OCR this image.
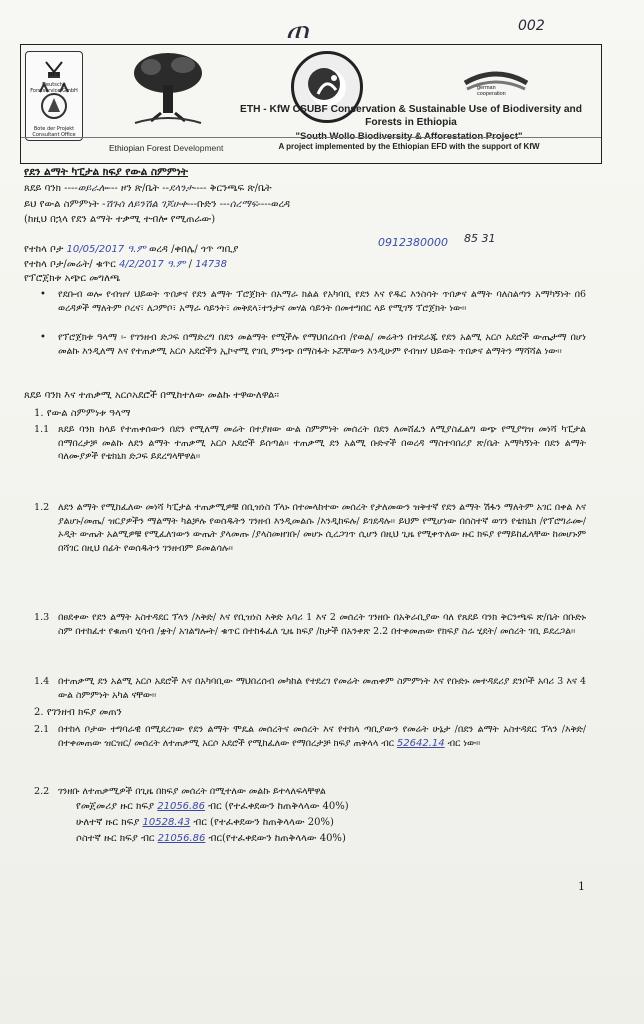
ጠ	002
DFS
Deutsche Forstservice GmbH
Bote der Projekt Consultant Office
Ethiopian Forest Development
german cooperation
ETH - KfW CSUBF Conservation & Sustainable Use of Biodiversity and Forests in Ethiopia
"South Wollo Biodiversity & Afforestation Project"
A project implemented by the Ethiopian EFD with the support of KfW
የደን ልማት ካፒታል ክፍያ የውል ስምምነት
ጸደይ ባንክ ----ወይራሎ--- ዞን ጽ/ቤት --ደላንታ---- ቅርንጫፍ ጽ/ቤት
ይህ የውል ስምምነት -ሽጉሰ ለይንሽል ገጆሁቀ---ቡድን ---ሰረማፍ----ወረዳ
(ከዚህ በኋላ የደን ልማት ተቃሚ ተብሎ የሚጠራው)
የተከላ ቦታ 10/05/2017 ዓ.ም ወረዳ /ቀበሌ/ ጎጥ ጣቢያ
0912380000 85 31
የተከላ ቦታ/መሬት/ ቁጥር 4/2/2017 ዓ.ም / 14738
የፕሮጀክቱ አጭር መግለጫ
• የደቡብ ወሎ የብዝሃ ህይወት ጥበቃና የደን ልማት ፕሮጀክት በአማራ ክልል የአካባቢ የደን እና የዱር እንስሳት ጥበቃና ልማት ባለስልጣን አማካኝነት በ6 ወረዳዎች ማለትም ቦረና፣ ለጋምቦ፣ አማራ ሳይንት፣ መቅደላ፣ተንታና መሃል ሳይንት በመተግበር ላይ የሚገኝ ፕሮጀክት ነው፡፡
• የፕሮጀክቱ ዓላማ ፡- የገንዘብ ድጋፍ በማድረግ በደን መልማት የሚችሉ የማህበረሰብ /የወል/ መሬትን በተደራጁ የደን አልሚ አርሶ አደሮች ውጤታማ በሆነ መልኩ እንዲለማ እና የተጠቃሚ አርሶ አደሮችን ኢኮኖሚ የገቢ ምንጭ በማስፋት ኑሯቸውን እንዲሁም የብዝሃ ህይወት ጥበቃና ልማትን ማሻሻል ነው፡፡
ጸደይ ባንክ እና ተጠቃሚ አርሶአደሮች በሚከተለው መልኩ ተዋውለዋል፡፡
1. የውል ስምምነቱ ዓላማ
1.1 ጸደይ ባንክ ከላይ የተጠቀሰውን በደን የሚለማ መሬት በተያዘው ውል ስምምነት መሰረት በደን ለመሸፈን ለሚያስፈልግ ወጭ የሚያግዝ መነሻ ካፒታል በማበረታቻ መልኩ ለደን ልማት ተጠቃሚ አርሶ አደሮች ይሰጣል፡፡ ተጠቃሚ ደን አልሚ ቡድኖች በወረዳ ማስተባበሪያ ጽ/ቤት አማካኝነት በደን ልማት ባለሙያዎች የቴክኒክ ድጋፍ ይደረግላቸዋል፡፡
1.2 ለደን ልማት የሚከፈለው መነሻ ካፒታል ተጠቃሚዎቹ በቢዝነስ ፕላኑ በተመላከተው መሰረት የታለመውን ዝቅተኛ የደን ልማት ሽፋን ማለትም አገር በቀል እና ያልሆኑ/መጤ/ ዝርያዎችን ማልማት ካልቻሉ የወሰዱትን ገንዘብ እንዲመልሱ /እንዲከፍሉ/ ይገደዳሉ፡፡ ይህም የሚሆነው በሰስተኛ ወገን የቴክኒክ /የፕሮግራሙ/ኦዲት ውጤት አልሚዎቹ የሚፈለገውን ውጤት ያላመጡ /ያላስመዘገቡ/ መሆኑ ሲረጋገጥ ሲሆን በዚህ ጊዜ የሚቀጥለው ዙር ክፍያ የማይከፈላቸው ከመሆኑም በሻገር በዚህ በፊት የወሰዱትን ገንዘብም ይመልሳሉ፡፡
1.3 በፀደቀው የደን ልማት አስተዳደር ፕላን /እቅድ/ እና የቢዝነስ እቅድ አባሪ 1 እና 2 መሰረት ገንዘቡ በአቅራቢያው ባለ የጸደይ ባንክ ቅርንጫፍ ጽ/ቤት በቡድኑ ስም በተከፈተ የቁጠባ ሂሳብ /ቋት/ አገልግሎት/ ቁጥር በተከፋፈለ ጊዜ ክፍያ /ከታች በአንቀጽ 2.2 በተቀመጠው የክፍያ ስራ ሂደት/ መሰረት ገቢ ይደረጋል፡፡
1.4 በተጠቃሚ ደን አልሚ አርሶ አደሮች እና በአካባቢው ማህበረሰብ መካከል የተደረገ የመሬት መጠቀም ስምምነት እና የቡድኑ መተዳደሪያ ደንቦች አባሪ 3 እና 4 ውል ስምምነት አካል ናቸው፡፡
2. የገንዘብ ክፍያ መጠን
2.1 በተከላ ቦታው ተግባራዊ በሚደረገው የደን ልማት ሞዴል መሰረትና መሰረት እና የተከላ ጣቢያውን የመሬት ሁኔታ /በደን ልማት አስተዳደር ፕላን /እቅድ/ በተቀመጠው ዝርዝር/ መሰረት ለተጠቃሚ አርሶ አደሮች የሚከፈለው የማበረታቻ ክፍያ ጠቅላላ ብር 52642.14 ብር ነው፡፡
2.2 ገንዘቡ ለተጠቃሚዎች በጊዜ በክፍያ መሰረት በሚተለው መልኩ ይተላለፍላቸዋል
የመጀመሪያ ዙር ክፍያ 21056.86 ብር (የተፈቀደውን ከጠቅላላው 40%)
ሁለተኛ ዙር ክፍያ 10528.43 ብር (የተፈቀደውን ከጠቅላላው 20%)
ሶስተኛ ዙር ክፍያ ብር 21056.86 ብር(የተፈቀደውን ከጠቅላላው 40%)
1
